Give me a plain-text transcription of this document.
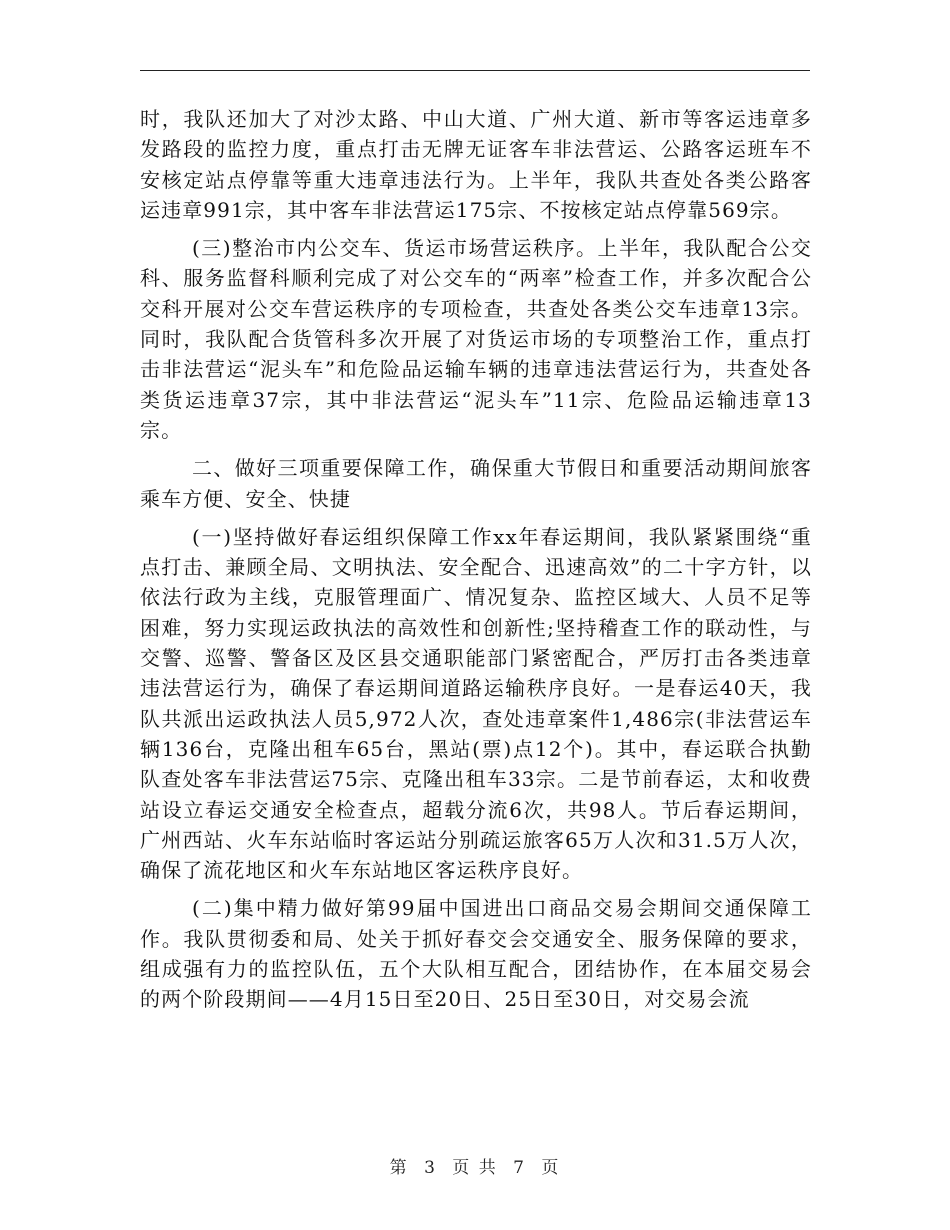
时，我队还加大了对沙太路、中山大道、广州大道、新市等客运违章多发路段的监控力度，重点打击无牌无证客车非法营运、公路客运班车不安核定站点停靠等重大违章违法行为。上半年，我队共查处各类公路客运违章991宗，其中客车非法营运175宗、不按核定站点停靠569宗。

(三)整治市内公交车、货运市场营运秩序。上半年，我队配合公交科、服务监督科顺利完成了对公交车的“两率”检查工作，并多次配合公交科开展对公交车营运秩序的专项检查，共查处各类公交车违章13宗。同时，我队配合货管科多次开展了对货运市场的专项整治工作，重点打击非法营运“泥头车”和危险品运输车辆的违章违法营运行为，共查处各类货运违章37宗，其中非法营运“泥头车”11宗、危险品运输违章13宗。

二、做好三项重要保障工作，确保重大节假日和重要活动期间旅客乘车方便、安全、快捷

(一)坚持做好春运组织保障工作xx年春运期间，我队紧紧围绕“重点打击、兼顾全局、文明执法、安全配合、迅速高效”的二十字方针，以依法行政为主线，克服管理面广、情况复杂、监控区域大、人员不足等困难，努力实现运政执法的高效性和创新性;坚持稽查工作的联动性，与交警、巡警、警备区及区县交通职能部门紧密配合，严厉打击各类违章违法营运行为，确保了春运期间道路运输秩序良好。一是春运40天，我队共派出运政执法人员5,972人次，查处违章案件1,486宗(非法营运车辆136台，克隆出租车65台，黑站(票)点12个)。其中，春运联合执勤队查处客车非法营运75宗、克隆出租车33宗。二是节前春运，太和收费站设立春运交通安全检查点，超载分流6次，共98人。节后春运期间，广州西站、火车东站临时客运站分别疏运旅客65万人次和31.5万人次，确保了流花地区和火车东站地区客运秩序良好。

(二)集中精力做好第99届中国进出口商品交易会期间交通保障工作。我队贯彻委和局、处关于抓好春交会交通安全、服务保障的要求，组成强有力的监控队伍，五个大队相互配合，团结协作，在本届交易会的两个阶段期间——4月15日至20日、25日至30日，对交易会流

第 3 页 共 7 页
